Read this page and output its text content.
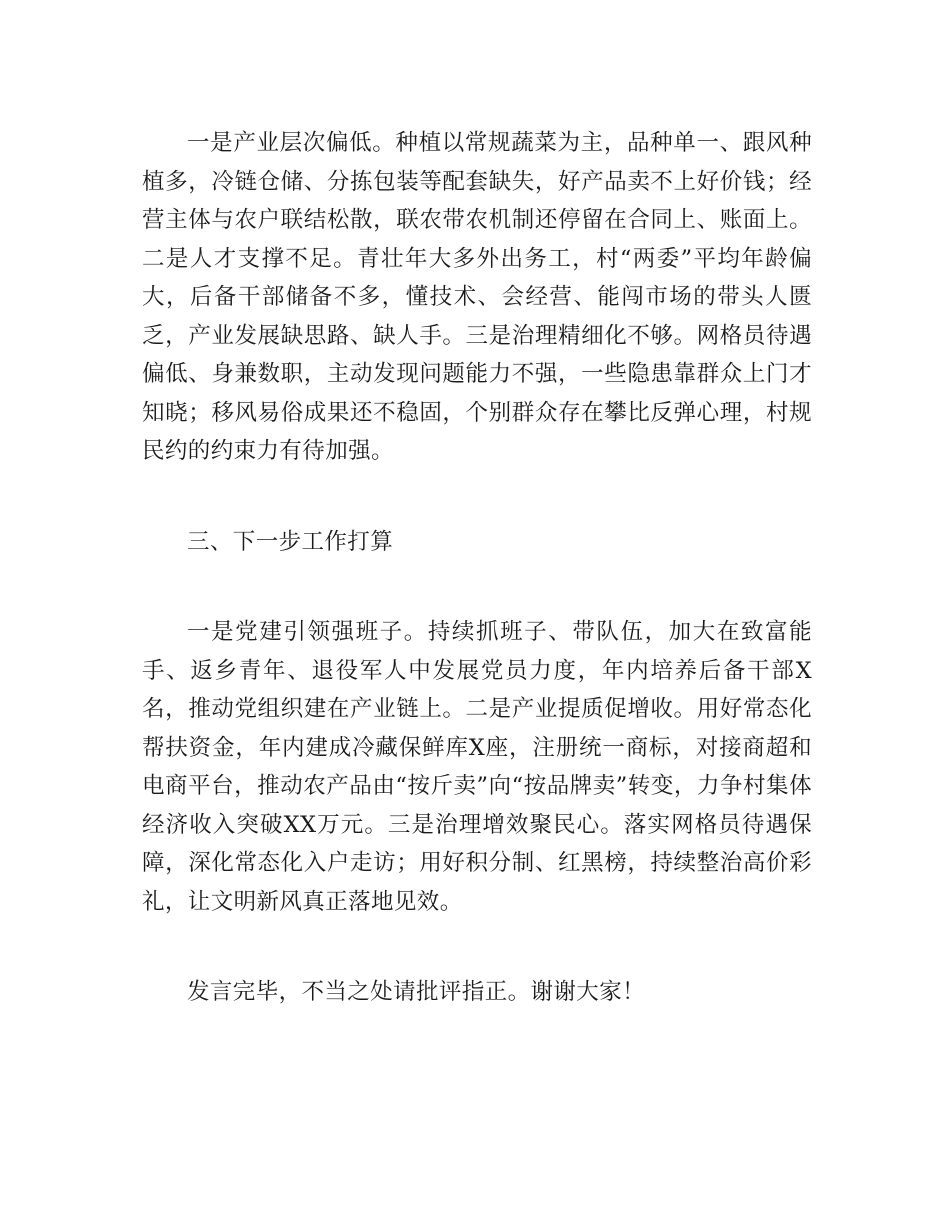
一是产业层次偏低。种植以常规蔬菜为主，品种单一、跟风种植多，冷链仓储、分拣包装等配套缺失，好产品卖不上好价钱；经营主体与农户联结松散，联农带农机制还停留在合同上、账面上。二是人才支撑不足。青壮年大多外出务工，村“两委”平均年龄偏大，后备干部储备不多，懂技术、会经营、能闯市场的带头人匮乏，产业发展缺思路、缺人手。三是治理精细化不够。网格员待遇偏低、身兼数职，主动发现问题能力不强，一些隐患靠群众上门才知晓；移风易俗成果还不稳固，个别群众存在攀比反弹心理，村规民约的约束力有待加强。

三、下一步工作打算

一是党建引领强班子。持续抓班子、带队伍，加大在致富能手、返乡青年、退役军人中发展党员力度，年内培养后备干部X名，推动党组织建在产业链上。二是产业提质促增收。用好常态化帮扶资金，年内建成冷藏保鲜库X座，注册统一商标，对接商超和电商平台，推动农产品由“按斤卖”向“按品牌卖”转变，力争村集体经济收入突破XX万元。三是治理增效聚民心。落实网格员待遇保障，深化常态化入户走访；用好积分制、红黑榜，持续整治高价彩礼，让文明新风真正落地见效。

发言完毕，不当之处请批评指正。谢谢大家！
